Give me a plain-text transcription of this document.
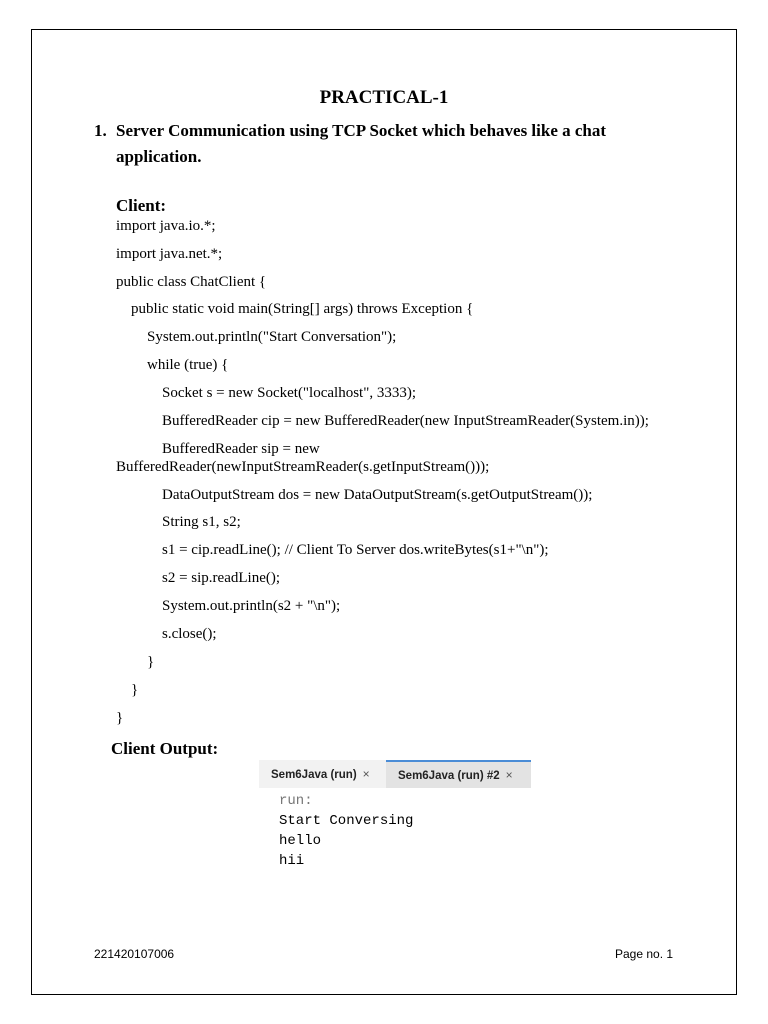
PRACTICAL-1
1. Server Communication using TCP Socket which behaves like a chat
application.
Client:
import java.io.*;
import java.net.*;
public class ChatClient {
public static void main(String[] args) throws Exception {
System.out.println("Start Conversation");
while (true) {
Socket s = new Socket("localhost", 3333);
BufferedReader cip = new BufferedReader(new InputStreamReader(System.in));
BufferedReader sip = new
BufferedReader(newInputStreamReader(s.getInputStream()));
DataOutputStream dos = new DataOutputStream(s.getOutputStream());
String s1, s2;
s1 = cip.readLine(); // Client To Server dos.writeBytes(s1+"\n");
s2 = sip.readLine();
System.out.println(s2 + "\n");
s.close();
}
}
}
Client Output:
Sem6Java (run) ×	Sem6Java (run) #2 ×
run:
Start Conversing
hello
hii
221420107006	Page no. 1
